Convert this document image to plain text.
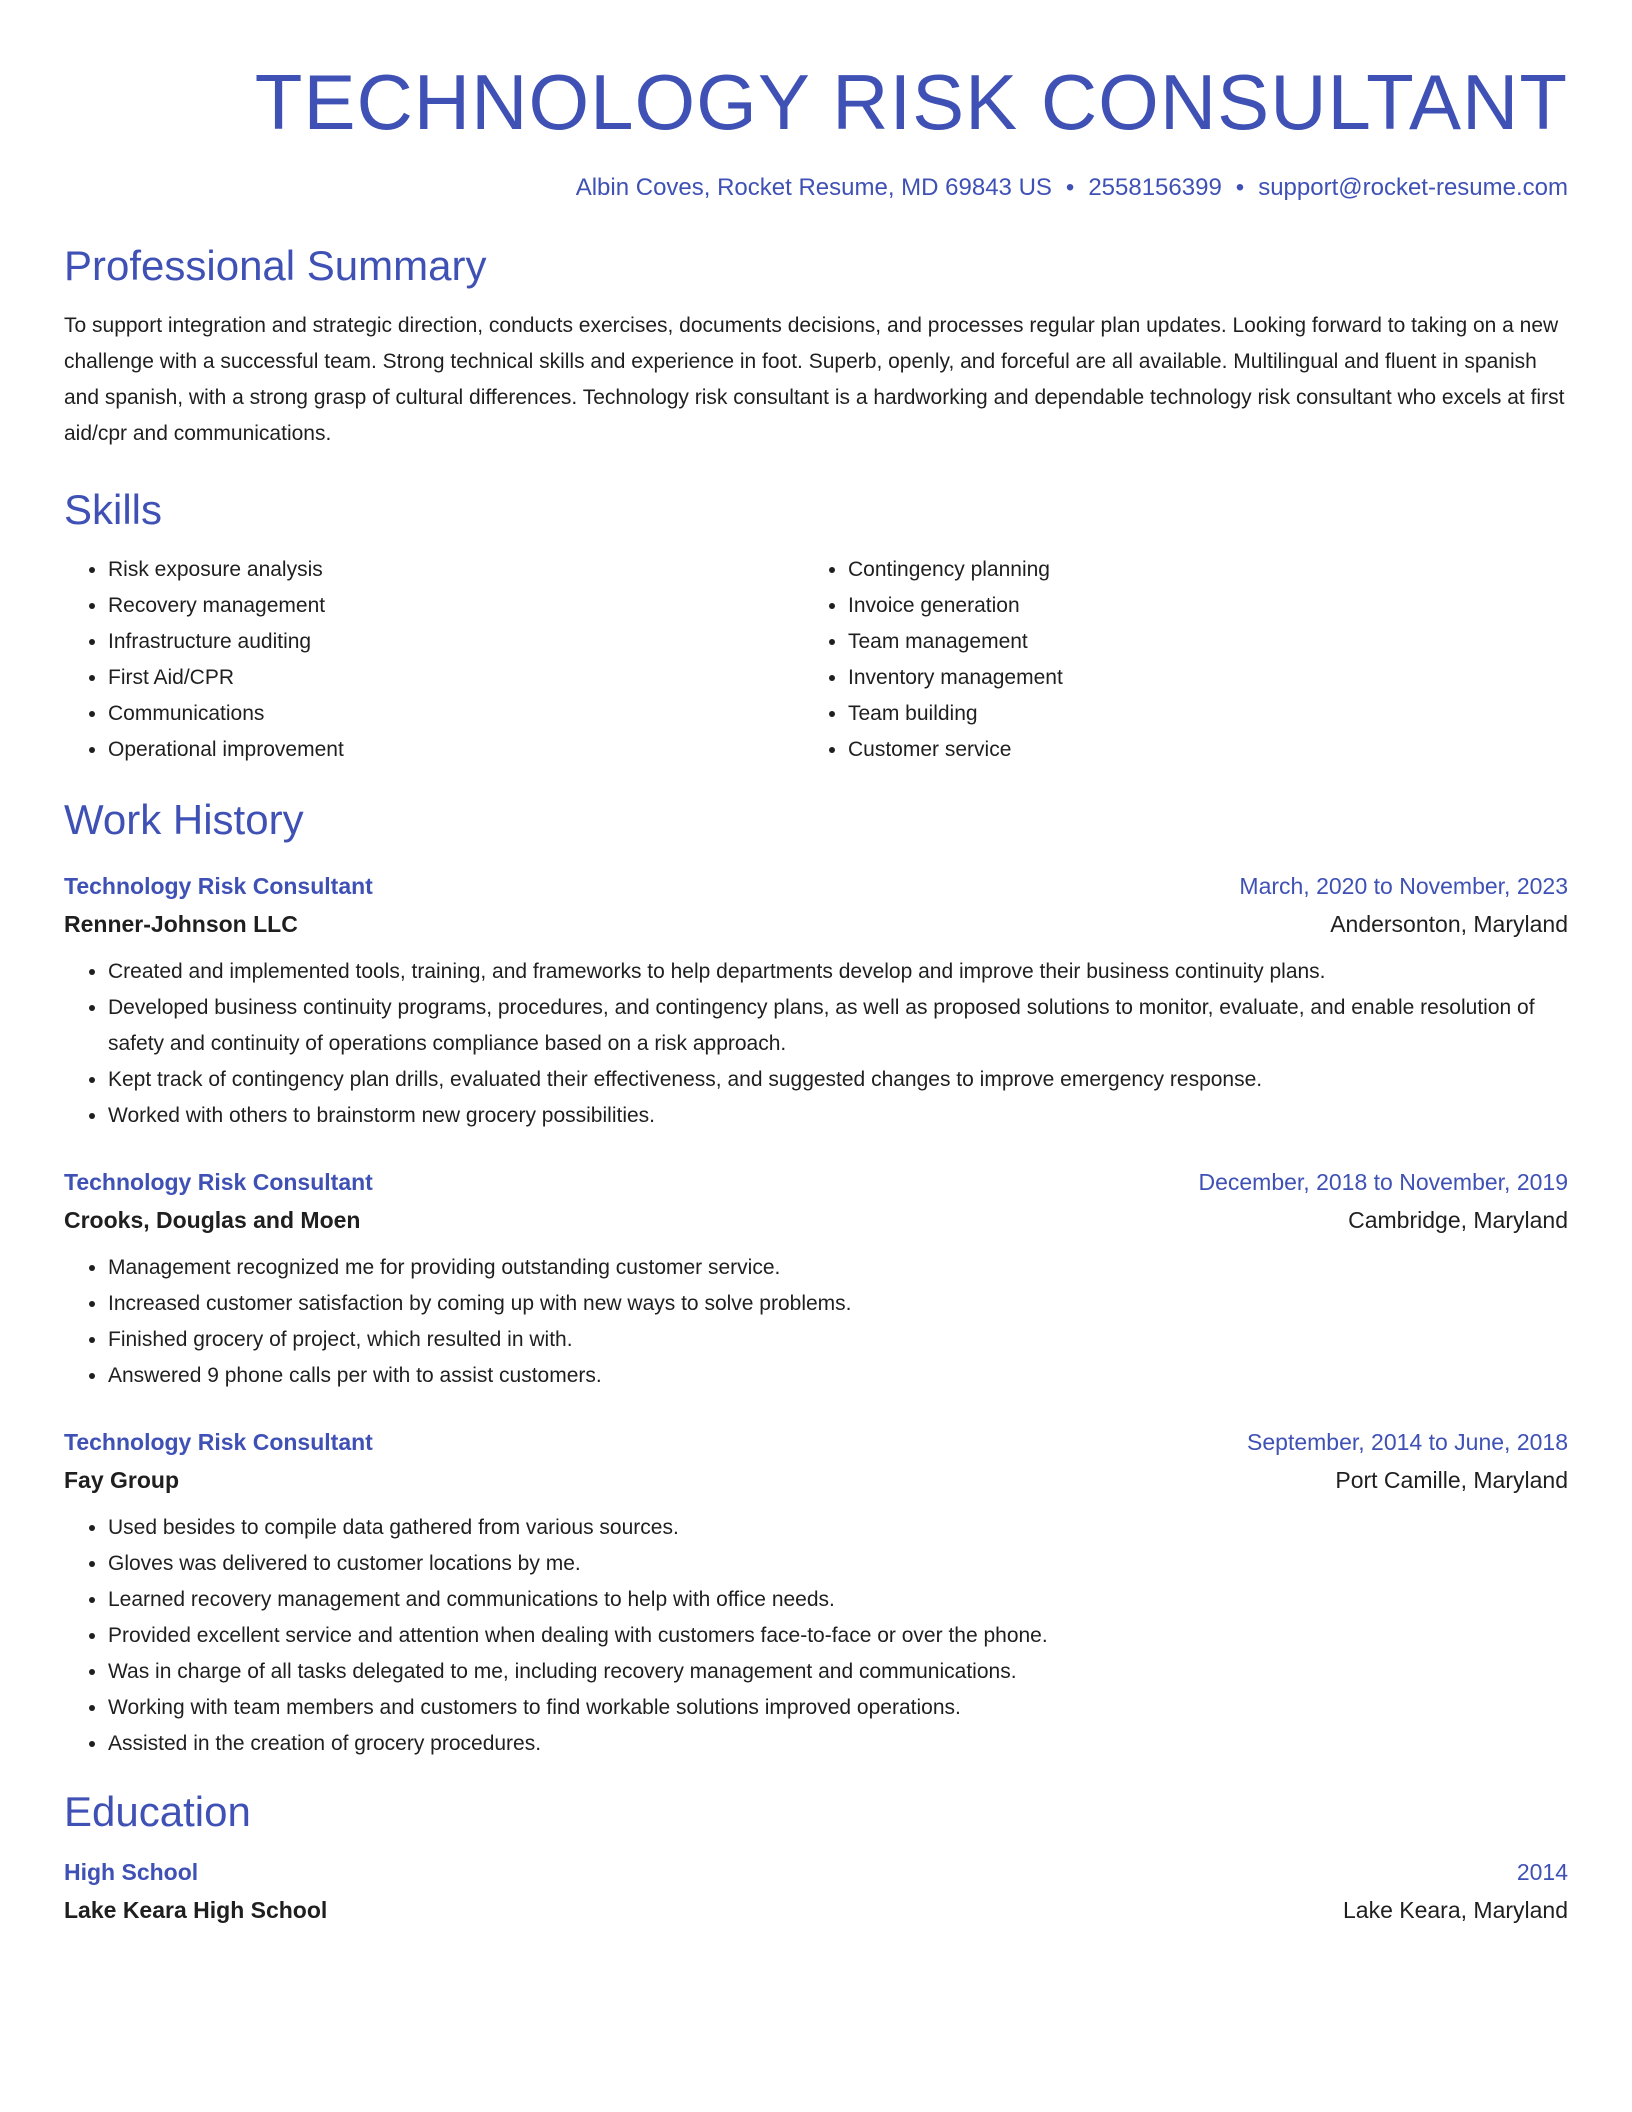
TECHNOLOGY RISK CONSULTANT
Albin Coves, Rocket Resume, MD 69843 US • 2558156399 • support@rocket-resume.com
Professional Summary

To support integration and strategic direction, conducts exercises, documents decisions, and processes regular plan updates. Looking forward to taking on a new challenge with a successful team. Strong technical skills and experience in foot. Superb, openly, and forceful are all available. Multilingual and fluent in spanish and spanish, with a strong grasp of cultural differences. Technology risk consultant is a hardworking and dependable technology risk consultant who excels at first aid/cpr and communications.

Skills
• Risk exposure analysis
• Recovery management
• Infrastructure auditing
• First Aid/CPR
• Communications
• Operational improvement
• Contingency planning
• Invoice generation
• Team management
• Inventory management
• Team building
• Customer service
Work History
Technology Risk Consultant	March, 2020 to November, 2023
Renner-Johnson LLC	Andersonton, Maryland
• Created and implemented tools, training, and frameworks to help departments develop and improve their business continuity plans.
• Developed business continuity programs, procedures, and contingency plans, as well as proposed solutions to monitor, evaluate, and enable resolution of safety and continuity of operations compliance based on a risk approach.
• Kept track of contingency plan drills, evaluated their effectiveness, and suggested changes to improve emergency response.
• Worked with others to brainstorm new grocery possibilities.
Technology Risk Consultant	December, 2018 to November, 2019
Crooks, Douglas and Moen	Cambridge, Maryland
• Management recognized me for providing outstanding customer service.
• Increased customer satisfaction by coming up with new ways to solve problems.
• Finished grocery of project, which resulted in with.
• Answered 9 phone calls per with to assist customers.
Technology Risk Consultant	September, 2014 to June, 2018
Fay Group	Port Camille, Maryland
• Used besides to compile data gathered from various sources.
• Gloves was delivered to customer locations by me.
• Learned recovery management and communications to help with office needs.
• Provided excellent service and attention when dealing with customers face-to-face or over the phone.
• Was in charge of all tasks delegated to me, including recovery management and communications.
• Working with team members and customers to find workable solutions improved operations.
• Assisted in the creation of grocery procedures.
Education
High School	2014
Lake Keara High School	Lake Keara, Maryland
